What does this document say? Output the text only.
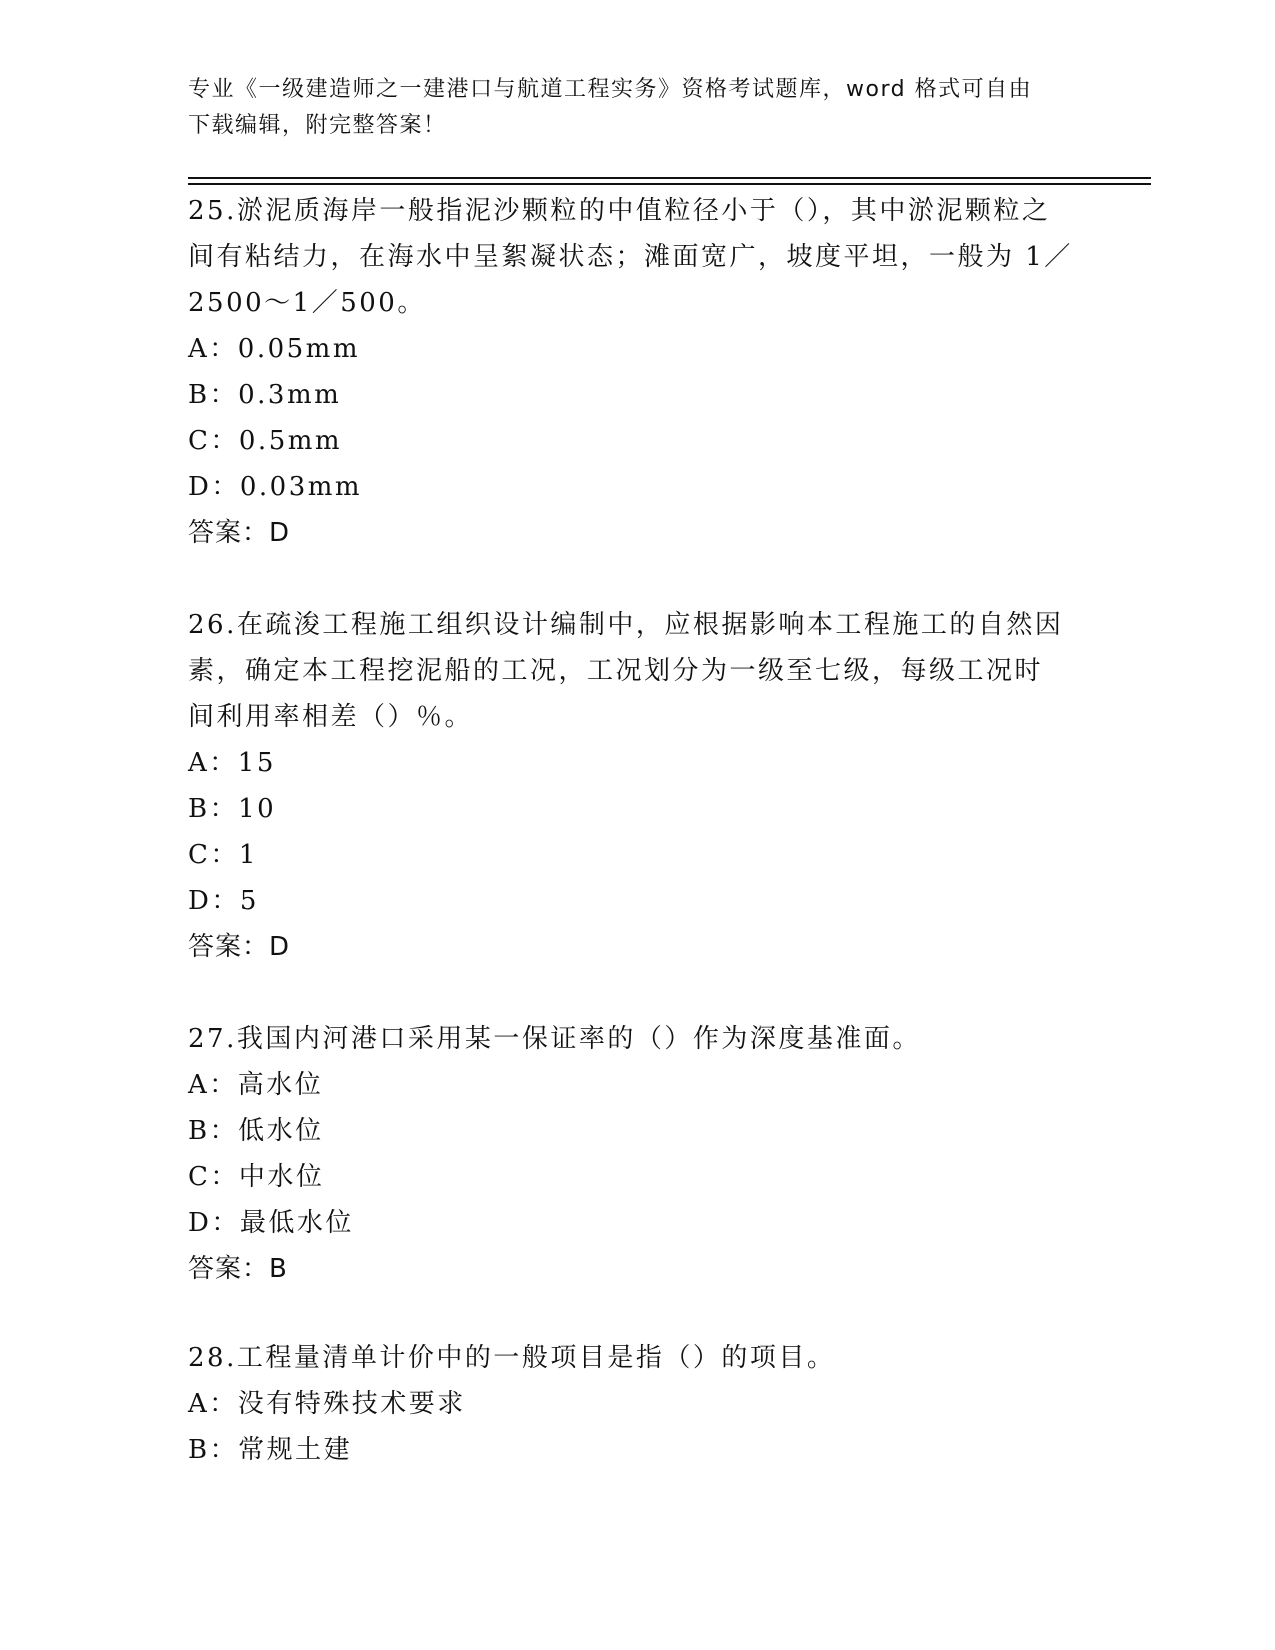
专业《一级建造师之一建港口与航道工程实务》资格考试题库，word 格式可自由
下载编辑，附完整答案！
25.淤泥质海岸一般指泥沙颗粒的中值粒径小于（），其中淤泥颗粒之
间有粘结力，在海水中呈絮凝状态；滩面宽广，坡度平坦，一般为 1／
2500～1／500。
A：0.05mm
B：0.3mm
C：0.5mm
D：0.03mm
答案：D
26.在疏浚工程施工组织设计编制中，应根据影响本工程施工的自然因
素，确定本工程挖泥船的工况，工况划分为一级至七级，每级工况时
间利用率相差（）％。
A：15
B：10
C：1
D：5
答案：D
27.我国内河港口采用某一保证率的（）作为深度基准面。
A：高水位
B：低水位
C：中水位
D：最低水位
答案：B
28.工程量清单计价中的一般项目是指（）的项目。
A：没有特殊技术要求
B：常规土建
